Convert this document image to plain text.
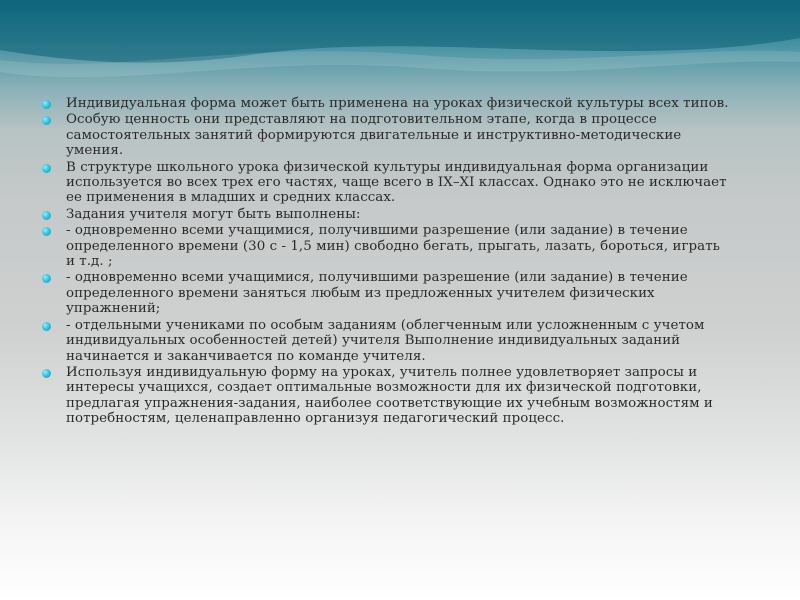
Индивидуальная форма может быть применена на уроках физической культуры всех типов.
Особую ценность они представляют на подготовительном этапе, когда в процессе самостоятельных занятий формируются двигательные и инструктивно-методические умения.
В структуре школьного урока физической культуры индивидуальная форма организации используется во всех трех его частях, чаще всего в IX–XI классах. Однако это не исключает ее применения в младших и средних классах.
Задания учителя могут быть выполнены:
- одновременно всеми учащимися, получившими разрешение (или задание) в течение определенного времени (30 с - 1,5 мин) свободно бегать, прыгать, лазать, бороться, играть и т.д. ;
- одновременно всеми учащимися, получившими разрешение (или задание) в течение определенного времени заняться любым из предложенных учителем физических упражнений;
- отдельными учениками по особым заданиям (облегченным или усложненным с учетом индивидуальных особенностей детей) учителя Выполнение индивидуальных заданий начинается и заканчивается по команде учителя.
Используя индивидуальную форму на уроках, учитель полнее удовлетворяет запросы и интересы учащихся, создает оптимальные возможности для их физической подготовки, предлагая упражнения-задания, наиболее соответствующие их учебным возможностям и потребностям, целенаправленно организуя педагогический процесс.
